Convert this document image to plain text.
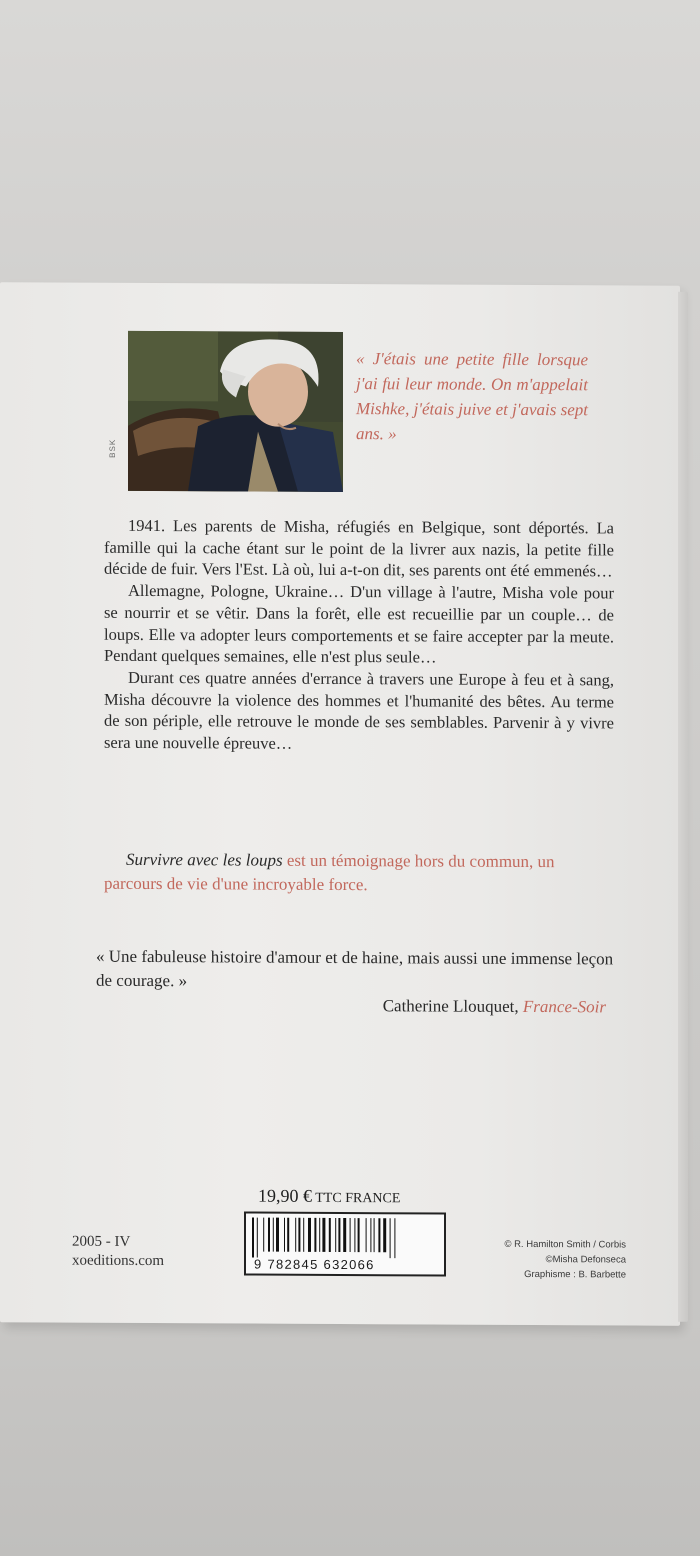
BSK
« J'étais une petite fille lorsque j'ai fui leur monde. On m'appelait Mishke, j'étais juive et j'avais sept ans. »

1941. Les parents de Misha, réfugiés en Belgique, sont déportés. La famille qui la cache étant sur le point de la livrer aux nazis, la petite fille décide de fuir. Vers l'Est. Là où, lui a-t-on dit, ses parents ont été emmenés…

Allemagne, Pologne, Ukraine… D'un village à l'autre, Misha vole pour se nourrir et se vêtir. Dans la forêt, elle est recueillie par un couple… de loups. Elle va adopter leurs comportements et se faire accepter par la meute. Pendant quelques semaines, elle n'est plus seule…

Durant ces quatre années d'errance à travers une Europe à feu et à sang, Misha découvre la violence des hommes et l'humanité des bêtes. Au terme de son périple, elle retrouve le monde de ses semblables. Parvenir à y vivre sera une nouvelle épreuve…

Survivre avec les loups est un témoignage hors du commun, un parcours de vie d'une incroyable force.
« Une fabuleuse histoire d'amour et de haine, mais aussi une immense leçon de courage. »
Catherine Llouquet, France-Soir
19,90 € TTC FRANCE
9 782845 632066
2005 - IV
xoeditions.com
© R. Hamilton Smith / Corbis
©Misha Defonseca
Graphisme : B. Barbette
